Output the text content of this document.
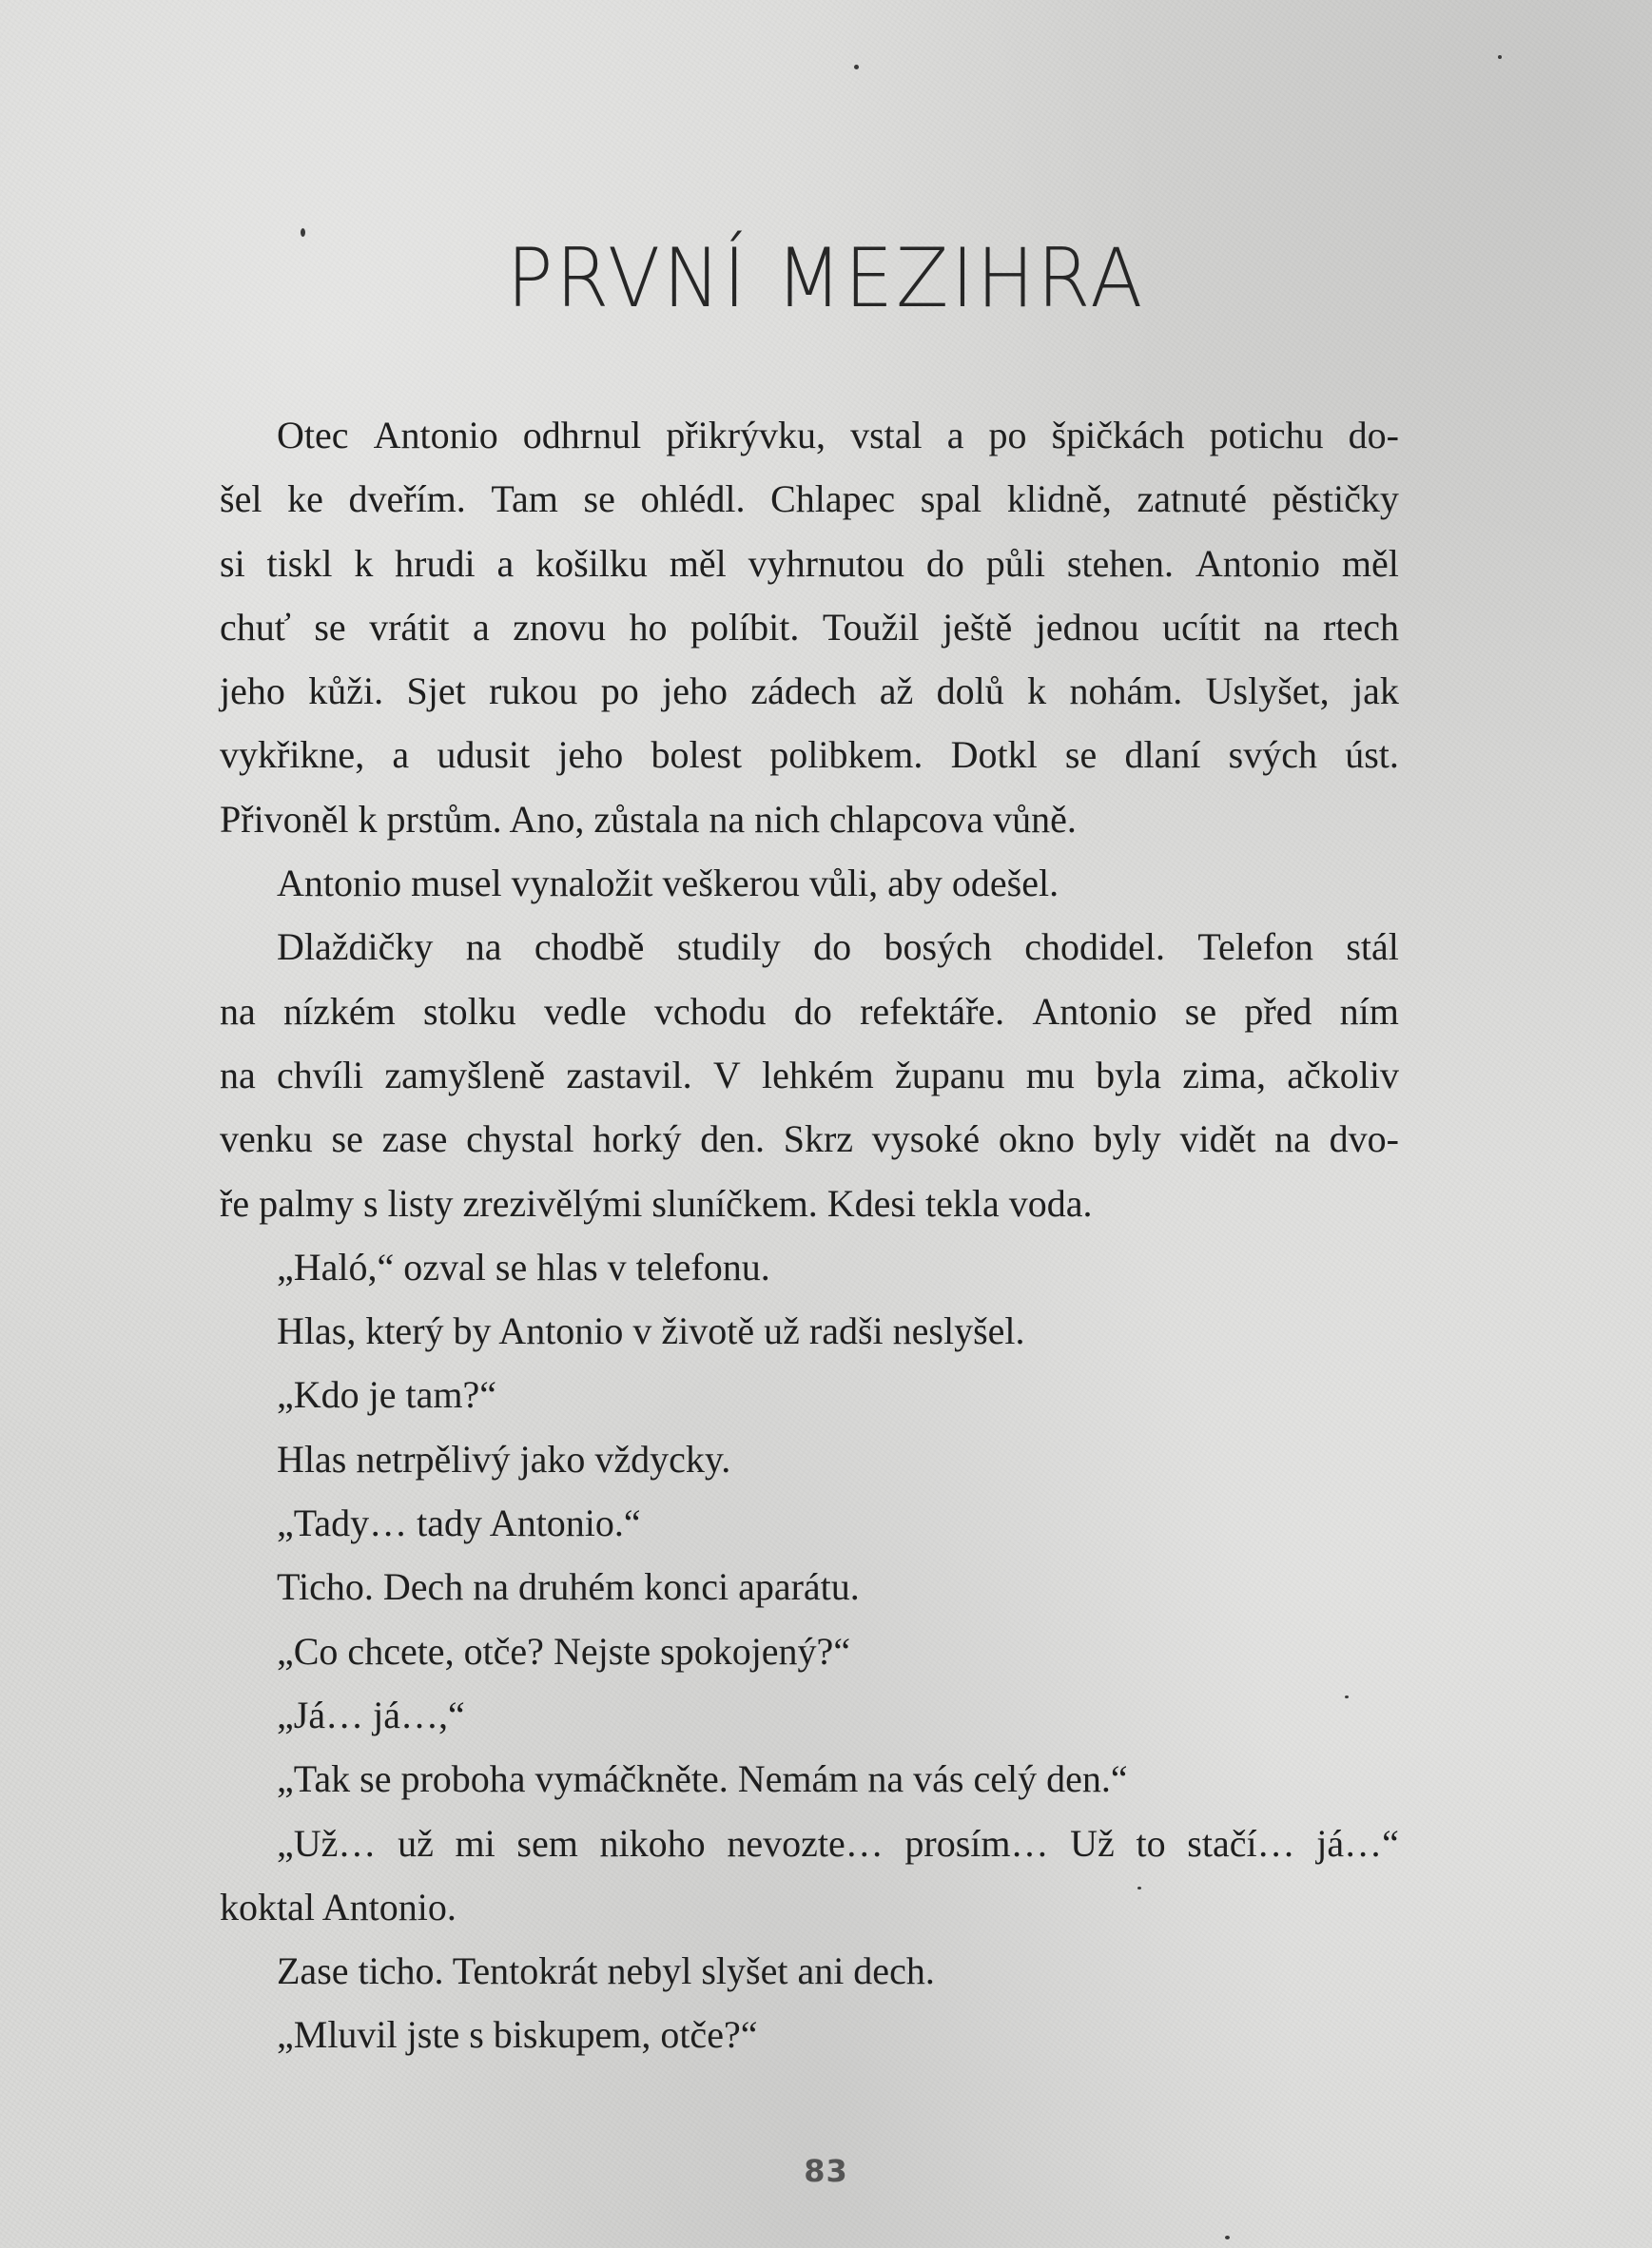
PRVNÍ MEZIHRA
Otec Antonio odhrnul přikrývku, vstal a po špičkách potichu do-
šel ke dveřím. Tam se ohlédl. Chlapec spal klidně, zatnuté pěstičky
si tiskl k hrudi a košilku měl vyhrnutou do půli stehen. Antonio měl
chuť se vrátit a znovu ho políbit. Toužil ještě jednou ucítit na rtech
jeho kůži. Sjet rukou po jeho zádech až dolů k nohám. Uslyšet, jak
vykřikne, a udusit jeho bolest polibkem. Dotkl se dlaní svých úst.
Přivoněl k prstům. Ano, zůstala na nich chlapcova vůně.
Antonio musel vynaložit veškerou vůli, aby odešel.
Dlaždičky na chodbě studily do bosých chodidel. Telefon stál
na nízkém stolku vedle vchodu do refektáře. Antonio se před ním
na chvíli zamyšleně zastavil. V lehkém županu mu byla zima, ačkoliv
venku se zase chystal horký den. Skrz vysoké okno byly vidět na dvo-
ře palmy s listy zrezivělými sluníčkem. Kdesi tekla voda.
„Haló,“ ozval se hlas v telefonu.
Hlas, který by Antonio v životě už radši neslyšel.
„Kdo je tam?“
Hlas netrpělivý jako vždycky.
„Tady… tady Antonio.“
Ticho. Dech na druhém konci aparátu.
„Co chcete, otče? Nejste spokojený?“
„Já… já…,“
„Tak se proboha vymáčkněte. Nemám na vás celý den.“
„Už… už mi sem nikoho nevozte… prosím… Už to stačí… já…“
koktal Antonio.
Zase ticho. Tentokrát nebyl slyšet ani dech.
„Mluvil jste s biskupem, otče?“
83
